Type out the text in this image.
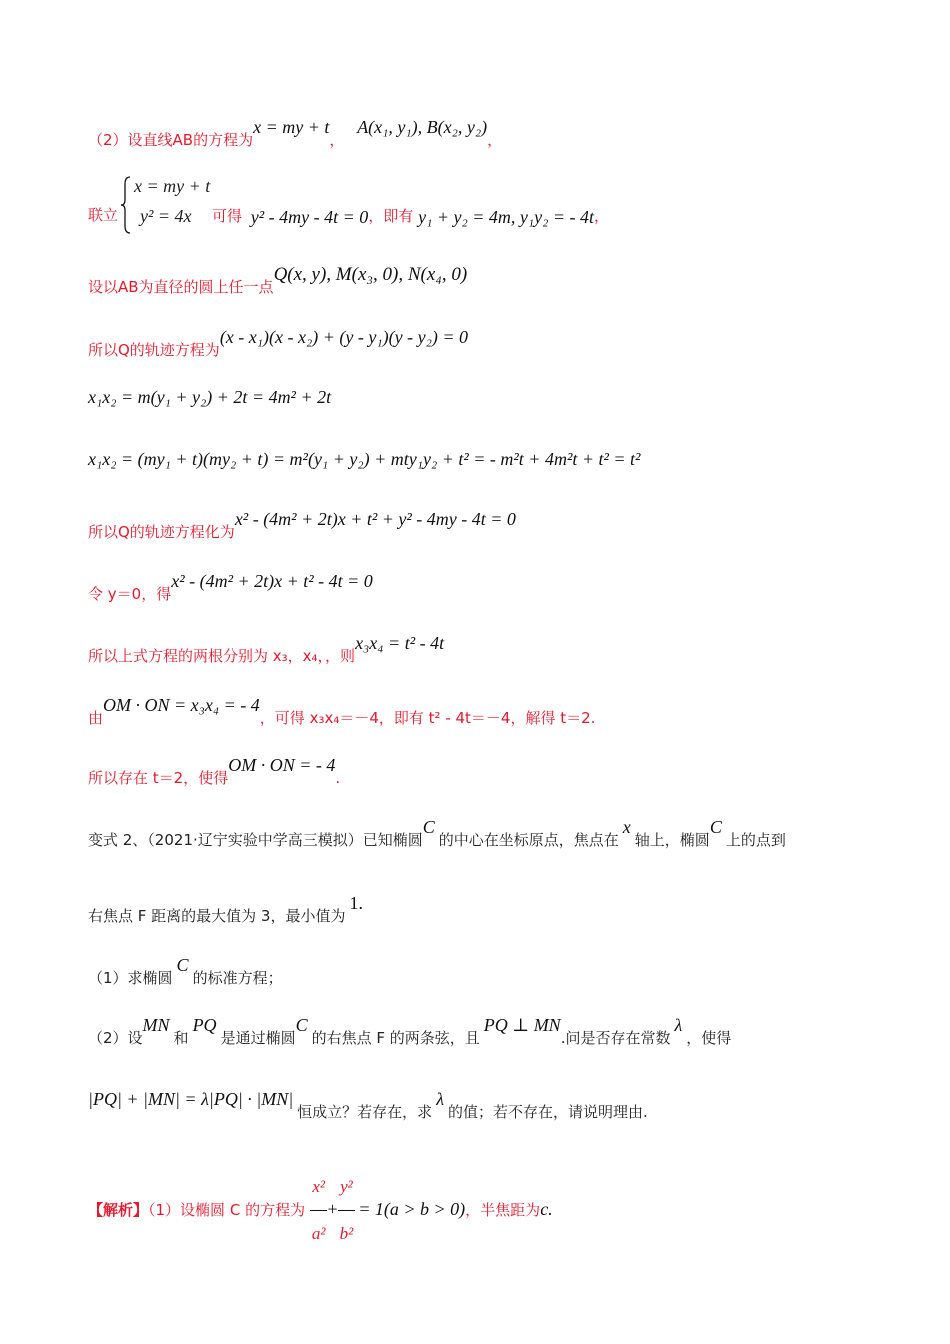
（2）设直线AB的方程为x = my + t， A(x₁, y₁), B(x₂, y₂)，
联立
x = my + t
y² = 4x 可得 y² - 4my - 4t = 0，即有 y₁ + y₂ = 4m, y₁y₂ = - 4t，
设以AB为直径的圆上任一点Q(x, y), M(x₃, 0), N(x₄, 0)
所以Q的轨迹方程为(x - x₁)(x - x₂) + (y - y₁)(y - y₂) = 0
x₁x₂ = m(y₁ + y₂) + 2t = 4m² + 2t
x₁x₂ = (my₁ + t)(my₂ + t) = m²(y₁ + y₂) + mty₁y₂ + t² = - m²t + 4m²t + t² = t²
所以Q的轨迹方程化为x² - (4m² + 2t)x + t² + y² - 4my - 4t = 0
令 y＝0，得x² - (4m² + 2t)x + t² - 4t = 0
所以上式方程的两根分别为 x₃，x₄，，则x₃x₄ = t² - 4t
由OM · ON = x₃x₄ = - 4，可得 x₃x₄＝－4，即有 t² - 4t＝－4，解得 t＝2.
所以存在 t＝2，使得OM · ON = - 4.
变式 2、（2021·辽宁实验中学高三模拟）已知椭圆C的中心在坐标原点，焦点在x轴上，椭圆C上的点到
右焦点 F 距离的最大值为 3，最小值为1.
（1）求椭圆C的标准方程；
（2）设MN和PQ是通过椭圆C的右焦点 F 的两条弦，且PQ ⊥ MN.问是否存在常数λ，使得
|PQ| + |MN| = λ|PQ| · |MN|恒成立？若存在，求λ的值；若不存在，请说明理由.
【解析】（1）设椭圆 C 的方程为 $\frac{\text{x²}}{\text{a²}} + \frac{\text{y²}}{\text{b²}} = 1(a > b > 0)$，半焦距为c.
